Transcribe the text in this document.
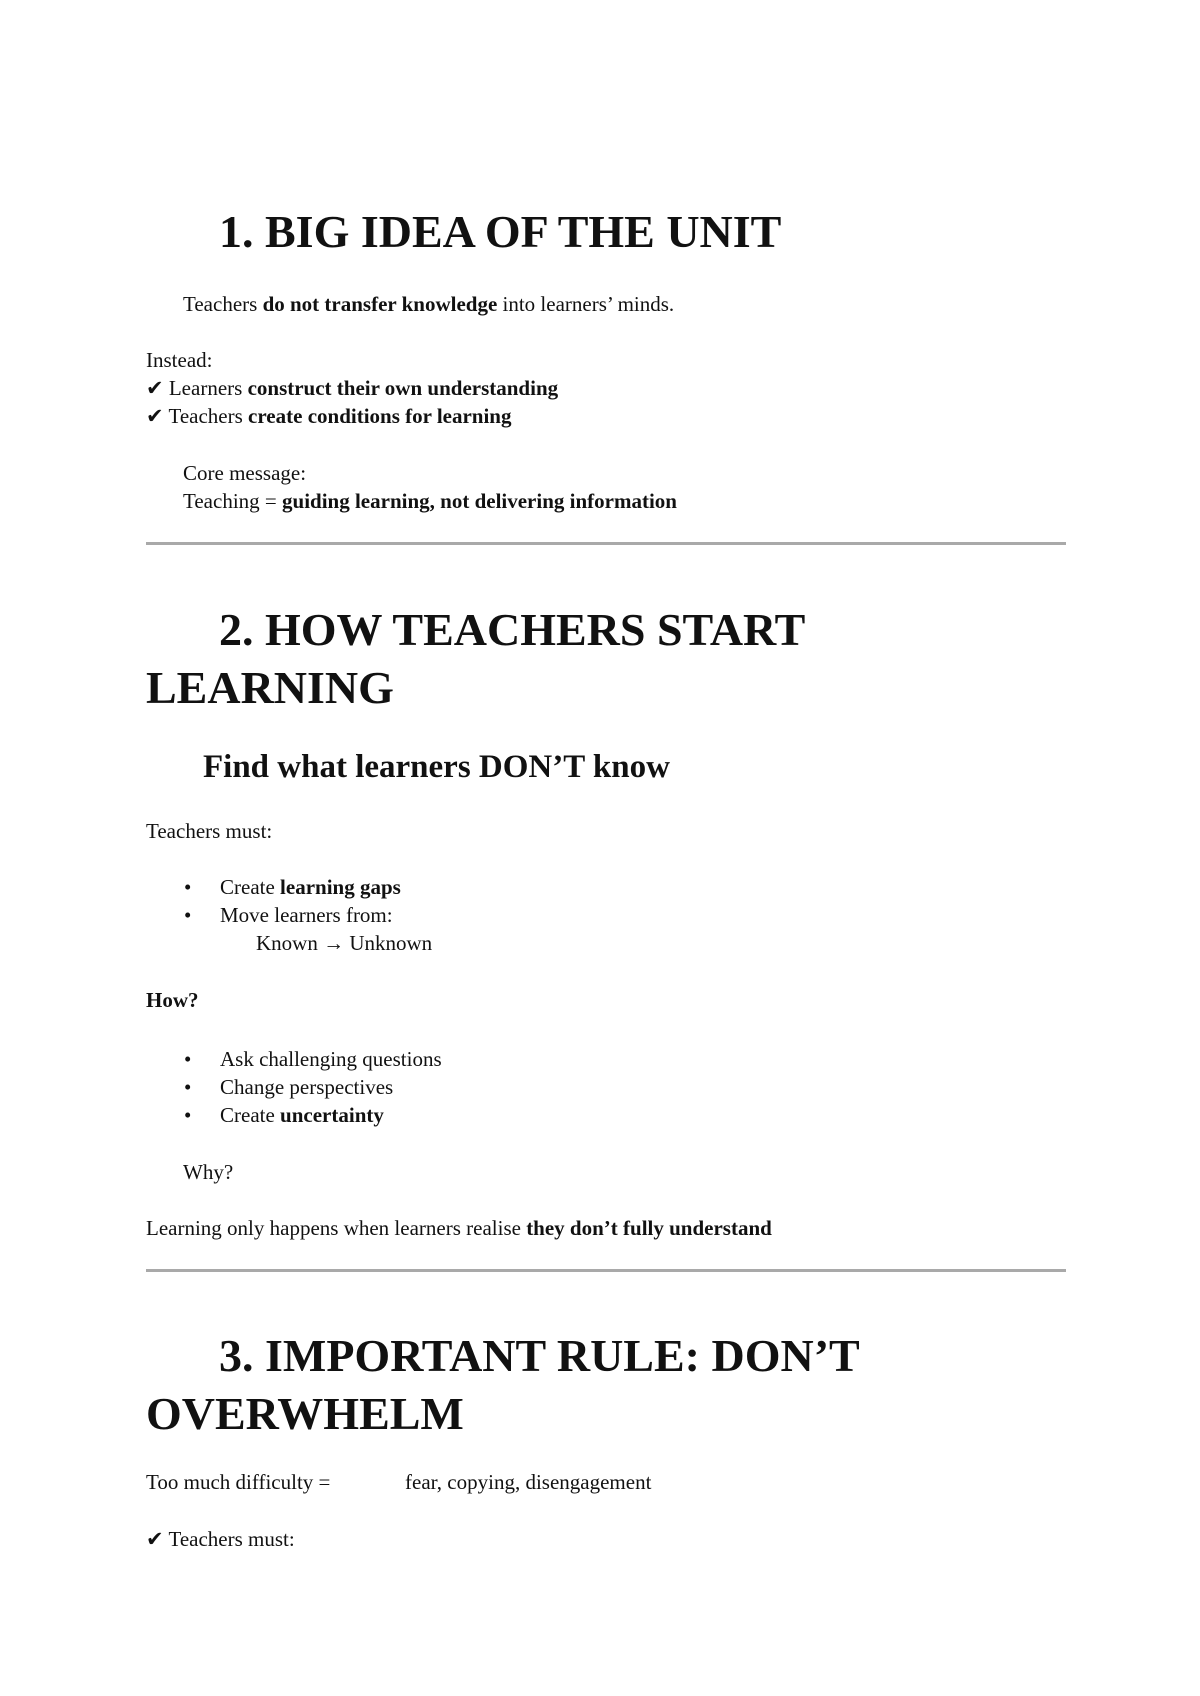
1. BIG IDEA OF THE UNIT
Teachers do not transfer knowledge into learners’ minds.
Instead:
✔ Learners construct their own understanding
✔ Teachers create conditions for learning
Core message:
Teaching = guiding learning, not delivering information
2. HOW TEACHERS START
LEARNING
Find what learners DON’T know
Teachers must:
• Create learning gaps
• Move learners from:
Known → Unknown
How?
• Ask challenging questions
• Change perspectives
• Create uncertainty
Why?
Learning only happens when learners realise they don’t fully understand
3. IMPORTANT RULE: DON’T
OVERWHELM
Too much difficulty =	fear, copying, disengagement
✔ Teachers must:
